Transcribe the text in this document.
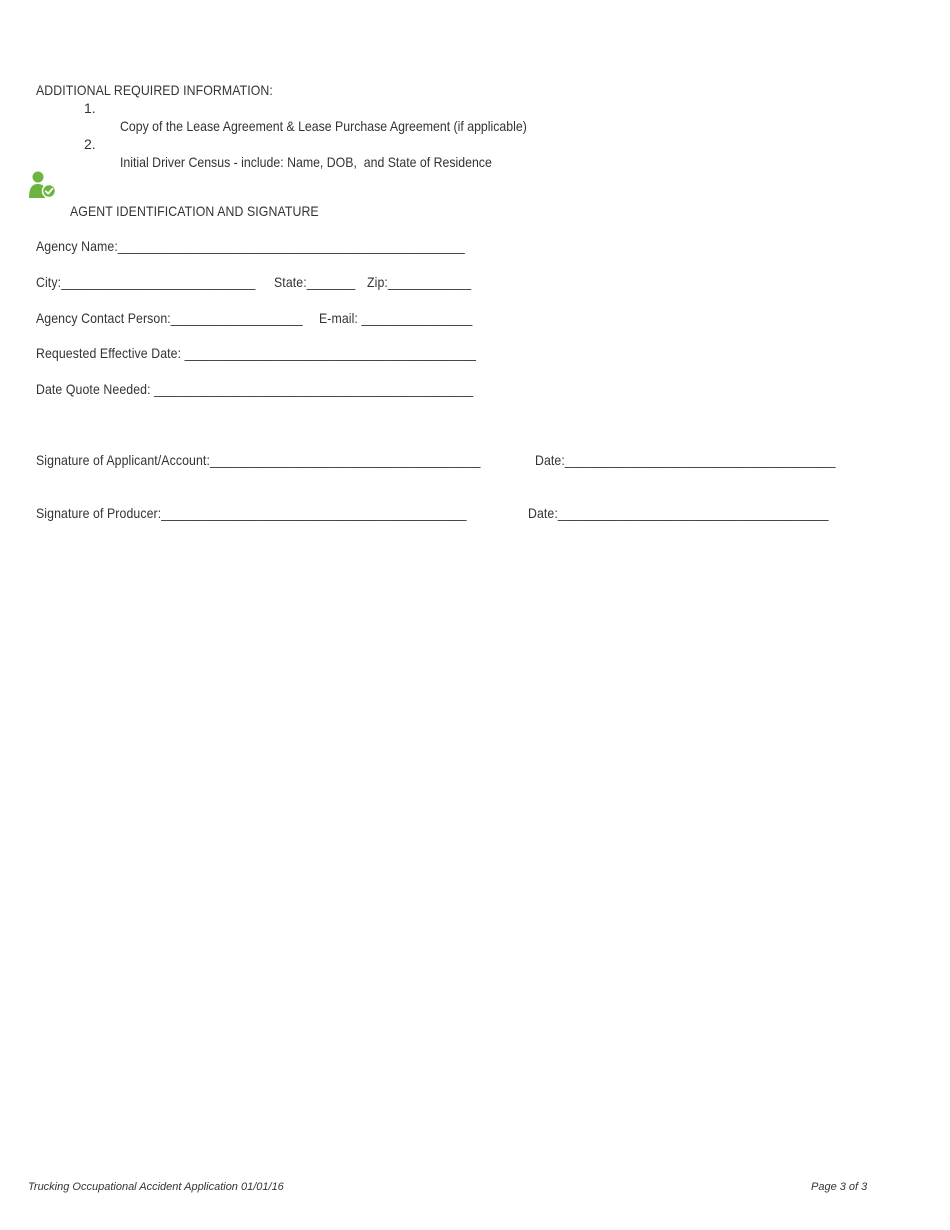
ADDITIONAL REQUIRED INFORMATION:

1.

Copy of the Lease Agreement & Lease Purchase Agreement (if applicable)

2.

Initial Driver Census - include: Name, DOB,  and State of Residence

AGENT IDENTIFICATION AND SIGNATURE

Agency Name:__________________________________________________

City:____________________________	State:_______ Zip:____________

Agency Contact Person:___________________	E-mail: ________________

Requested Effective Date: __________________________________________

Date Quote Needed: ______________________________________________

Signature of Applicant/Account:_______________________________________	Date:_______________________________________

Signature of Producer:____________________________________________	Date:_______________________________________

Trucking Occupational Accident Application 01/01/16	Page 3 of 3
